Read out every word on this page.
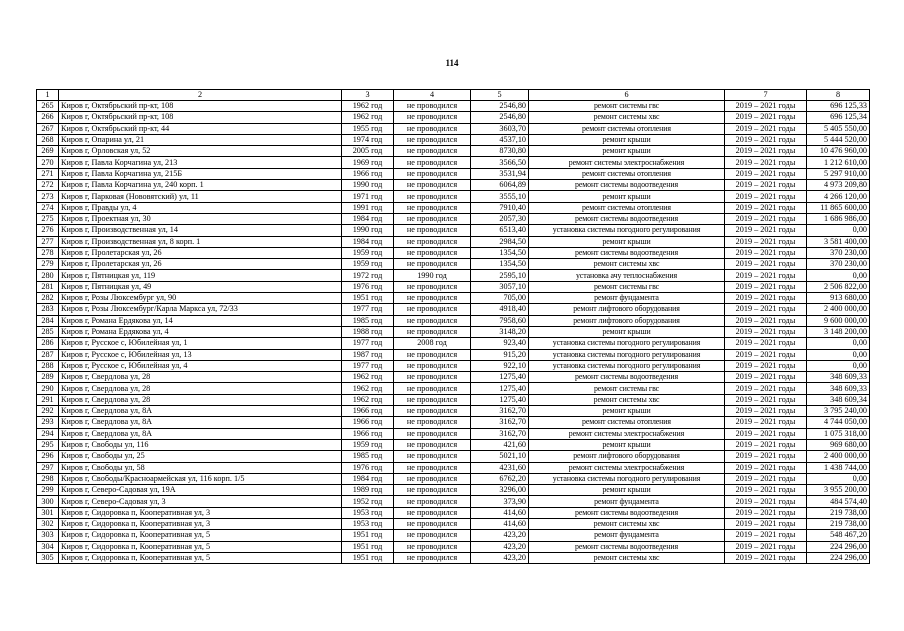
114
1	2	3	4	5	6	7	8
265	Киров г, Октябрьский пр-кт, 108	1962 год	не проводился	2546,80	ремонт системы гвс	2019 – 2021 годы	696 125,33
266	Киров г, Октябрьский пр-кт, 108	1962 год	не проводился	2546,80	ремонт системы хвс	2019 – 2021 годы	696 125,34
267	Киров г, Октябрьский пр-кт, 44	1955 год	не проводился	3603,70	ремонт системы отопления	2019 – 2021 годы	5 405 550,00
268	Киров г, Опарина ул, 21	1974 год	не проводился	4537,10	ремонт крыши	2019 – 2021 годы	5 444 520,00
269	Киров г, Орловская ул, 52	2005 год	не проводился	8730,80	ремонт крыши	2019 – 2021 годы	10 476 960,00
270	Киров г, Павла Корчагина ул, 213	1969 год	не проводился	3566,50	ремонт системы электроснабжения	2019 – 2021 годы	1 212 610,00
271	Киров г, Павла Корчагина ул, 215Б	1966 год	не проводился	3531,94	ремонт системы отопления	2019 – 2021 годы	5 297 910,00
272	Киров г, Павла Корчагина ул, 240 корп. 1	1990 год	не проводился	6064,89	ремонт системы водоотведения	2019 – 2021 годы	4 973 209,80
273	Киров г, Парковая (Нововятский) ул, 11	1971 год	не проводился	3555,10	ремонт крыши	2019 – 2021 годы	4 266 120,00
274	Киров г, Правды ул, 4	1991 год	не проводился	7910,40	ремонт системы отопления	2019 – 2021 годы	11 865 600,00
275	Киров г, Проектная ул, 30	1984 год	не проводился	2057,30	ремонт системы водоотведения	2019 – 2021 годы	1 686 986,00
276	Киров г, Производственная ул, 14	1990 год	не проводился	6513,40	установка системы погодного регулирования	2019 – 2021 годы	0,00
277	Киров г, Производственная ул, 8 корп. 1	1984 год	не проводился	2984,50	ремонт крыши	2019 – 2021 годы	3 581 400,00
278	Киров г, Пролетарская ул, 26	1959 год	не проводился	1354,50	ремонт системы водоотведения	2019 – 2021 годы	370 230,00
279	Киров г, Пролетарская ул, 26	1959 год	не проводился	1354,50	ремонт системы хвс	2019 – 2021 годы	370 230,00
280	Киров г, Пятницкая ул, 119	1972 год	1990 год	2595,10	установка ачу теплоснабжения	2019 – 2021 годы	0,00
281	Киров г, Пятницкая ул, 49	1976 год	не проводился	3057,10	ремонт системы гвс	2019 – 2021 годы	2 506 822,00
282	Киров г, Розы Люксембург ул, 90	1951 год	не проводился	705,00	ремонт фундамента	2019 – 2021 годы	913 680,00
283	Киров г, Розы Люксембург/Карла Маркса ул, 72/33	1977 год	не проводился	4918,40	ремонт лифтового оборудования	2019 – 2021 годы	2 400 000,00
284	Киров г, Романа Ердякова ул, 14	1985 год	не проводился	7958,60	ремонт лифтового оборудования	2019 – 2021 годы	9 600 000,00
285	Киров г, Романа Ердякова ул, 4	1988 год	не проводился	3148,20	ремонт крыши	2019 – 2021 годы	3 148 200,00
286	Киров г, Русское с, Юбилейная ул, 1	1977 год	2008 год	923,40	установка системы погодного регулирования	2019 – 2021 годы	0,00
287	Киров г, Русское с, Юбилейная ул, 13	1987 год	не проводился	915,20	установка системы погодного регулирования	2019 – 2021 годы	0,00
288	Киров г, Русское с, Юбилейная ул, 4	1977 год	не проводился	922,10	установка системы погодного регулирования	2019 – 2021 годы	0,00
289	Киров г, Свердлова ул, 28	1962 год	не проводился	1275,40	ремонт системы водоотведения	2019 – 2021 годы	348 609,33
290	Киров г, Свердлова ул, 28	1962 год	не проводился	1275,40	ремонт системы гвс	2019 – 2021 годы	348 609,33
291	Киров г, Свердлова ул, 28	1962 год	не проводился	1275,40	ремонт системы хвс	2019 – 2021 годы	348 609,34
292	Киров г, Свердлова ул, 8А	1966 год	не проводился	3162,70	ремонт крыши	2019 – 2021 годы	3 795 240,00
293	Киров г, Свердлова ул, 8А	1966 год	не проводился	3162,70	ремонт системы отопления	2019 – 2021 годы	4 744 050,00
294	Киров г, Свердлова ул, 8А	1966 год	не проводился	3162,70	ремонт системы электроснабжения	2019 – 2021 годы	1 075 318,00
295	Киров г, Свободы ул, 116	1959 год	не проводился	421,60	ремонт крыши	2019 – 2021 годы	969 680,00
296	Киров г, Свободы ул, 25	1985 год	не проводился	5021,10	ремонт лифтового оборудования	2019 – 2021 годы	2 400 000,00
297	Киров г, Свободы ул, 58	1976 год	не проводился	4231,60	ремонт системы электроснабжения	2019 – 2021 годы	1 438 744,00
298	Киров г, Свободы/Красноармейская ул, 116 корп. 1/5	1984 год	не проводился	6762,20	установка системы погодного регулирования	2019 – 2021 годы	0,00
299	Киров г, Северо-Садовая ул, 19А	1989 год	не проводился	3296,00	ремонт крыши	2019 – 2021 годы	3 955 200,00
300	Киров г, Северо-Садовая ул, 3	1952 год	не проводился	373,90	ремонт фундамента	2019 – 2021 годы	484 574,40
301	Киров г, Сидоровка п, Кооперативная ул, 3	1953 год	не проводился	414,60	ремонт системы водоотведения	2019 – 2021 годы	219 738,00
302	Киров г, Сидоровка п, Кооперативная ул, 3	1953 год	не проводился	414,60	ремонт системы хвс	2019 – 2021 годы	219 738,00
303	Киров г, Сидоровка п, Кооперативная ул, 5	1951 год	не проводился	423,20	ремонт фундамента	2019 – 2021 годы	548 467,20
304	Киров г, Сидоровка п, Кооперативная ул, 5	1951 год	не проводился	423,20	ремонт системы водоотведения	2019 – 2021 годы	224 296,00
305	Киров г, Сидоровка п, Кооперативная ул, 5	1951 год	не проводился	423,20	ремонт системы хвс	2019 – 2021 годы	224 296,00
